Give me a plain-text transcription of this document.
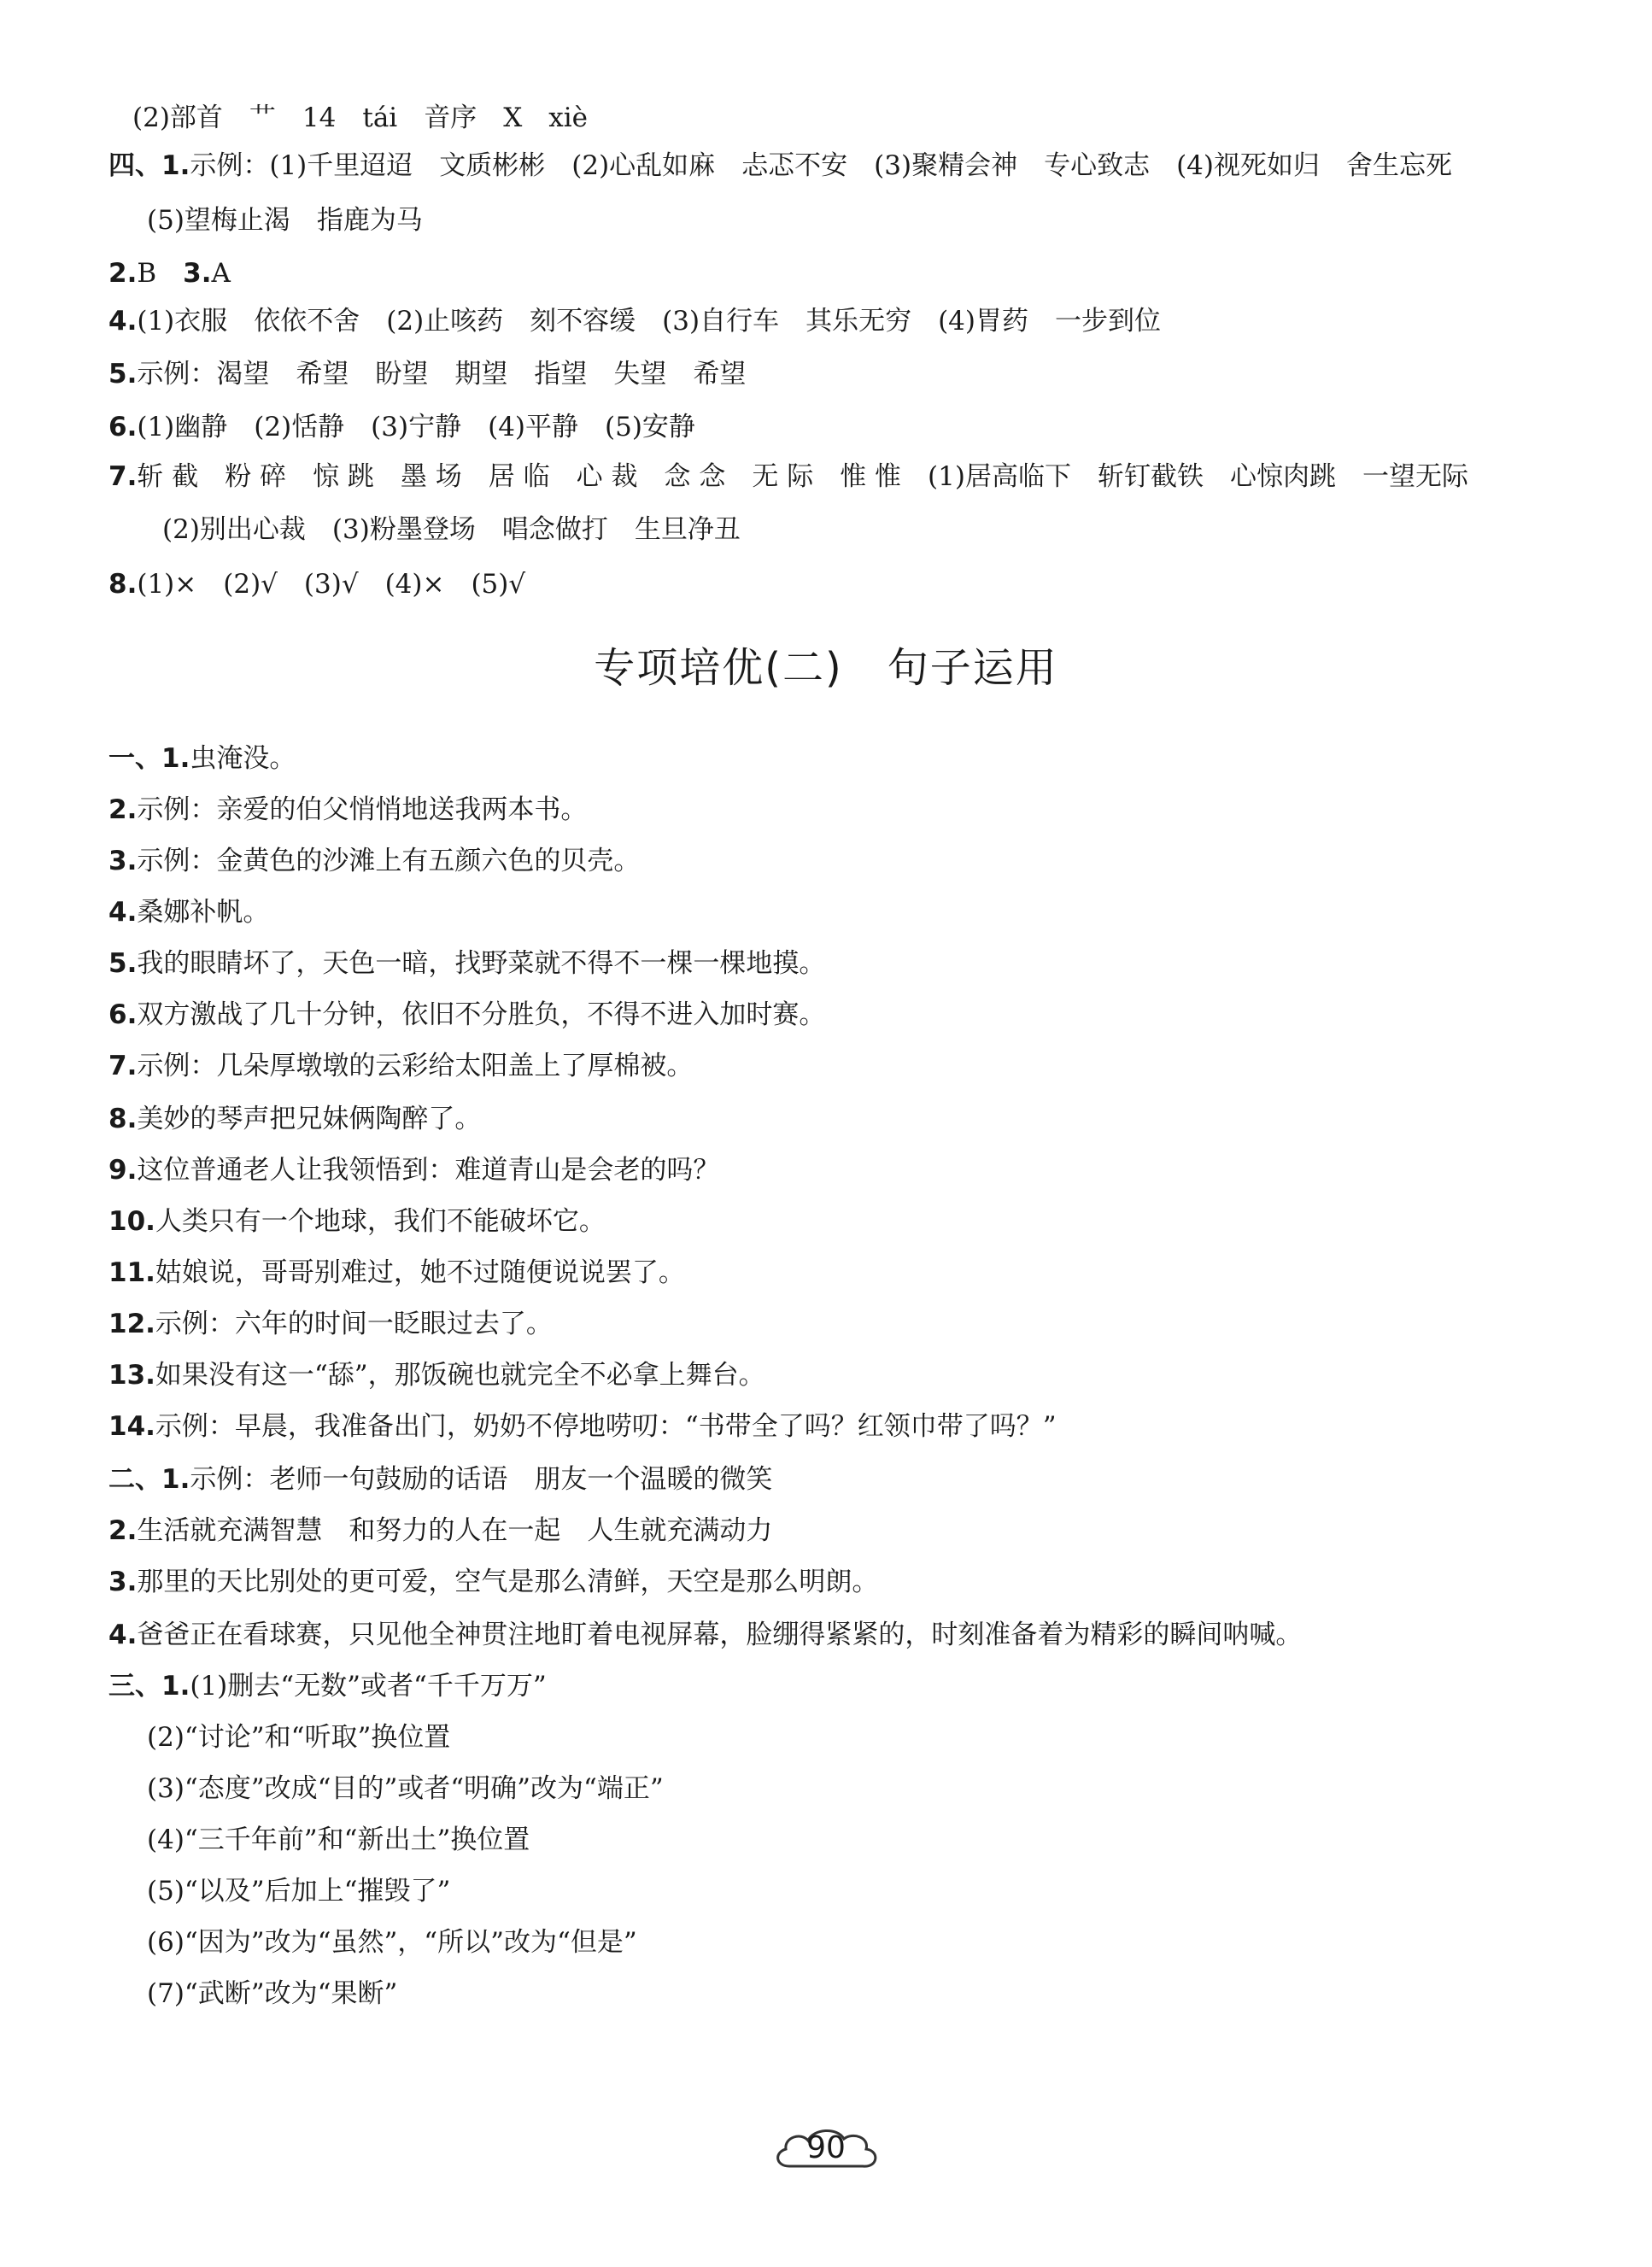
(2)部首　艹　14　tái　音序　X　xiè
四、1.示例：(1)千里迢迢　文质彬彬　(2)心乱如麻　忐忑不安　(3)聚精会神　专心致志　(4)视死如归　舍生忘死
(5)望梅止渴　指鹿为马
2.B　3.A
4.(1)衣服　依依不舍　(2)止咳药　刻不容缓　(3)自行车　其乐无穷　(4)胃药　一步到位
5.示例：渴望　希望　盼望　期望　指望　失望　希望
6.(1)幽静　(2)恬静　(3)宁静　(4)平静　(5)安静
7.斩 截　粉 碎　惊 跳　墨 场　居 临　心 裁　念 念　无 际　惟 惟　(1)居高临下　斩钉截铁　心惊肉跳　一望无际
(2)别出心裁　(3)粉墨登场　唱念做打　生旦净丑
8.(1)×　(2)√　(3)√　(4)×　(5)√
专项培优(二) 句子运用
一、1.虫淹没。
2.示例：亲爱的伯父悄悄地送我两本书。
3.示例：金黄色的沙滩上有五颜六色的贝壳。
4.桑娜补帆。
5.我的眼睛坏了，天色一暗，找野菜就不得不一棵一棵地摸。
6.双方激战了几十分钟，依旧不分胜负，不得不进入加时赛。
7.示例：几朵厚墩墩的云彩给太阳盖上了厚棉被。
8.美妙的琴声把兄妹俩陶醉了。
9.这位普通老人让我领悟到：难道青山是会老的吗？
10.人类只有一个地球，我们不能破坏它。
11.姑娘说，哥哥别难过，她不过随便说说罢了。
12.示例：六年的时间一眨眼过去了。
13.如果没有这一“舔”，那饭碗也就完全不必拿上舞台。
14.示例：早晨，我准备出门，奶奶不停地唠叨：“书带全了吗？红领巾带了吗？”
二、1.示例：老师一句鼓励的话语　朋友一个温暖的微笑
2.生活就充满智慧　和努力的人在一起　人生就充满动力
3.那里的天比别处的更可爱，空气是那么清鲜，天空是那么明朗。
4.爸爸正在看球赛，只见他全神贯注地盯着电视屏幕，脸绷得紧紧的，时刻准备着为精彩的瞬间呐喊。
三、1.(1)删去“无数”或者“千千万万”
(2)“讨论”和“听取”换位置
(3)“态度”改成“目的”或者“明确”改为“端正”
(4)“三千年前”和“新出土”换位置
(5)“以及”后加上“摧毁了”
(6)“因为”改为“虽然”，“所以”改为“但是”
(7)“武断”改为“果断”
90
